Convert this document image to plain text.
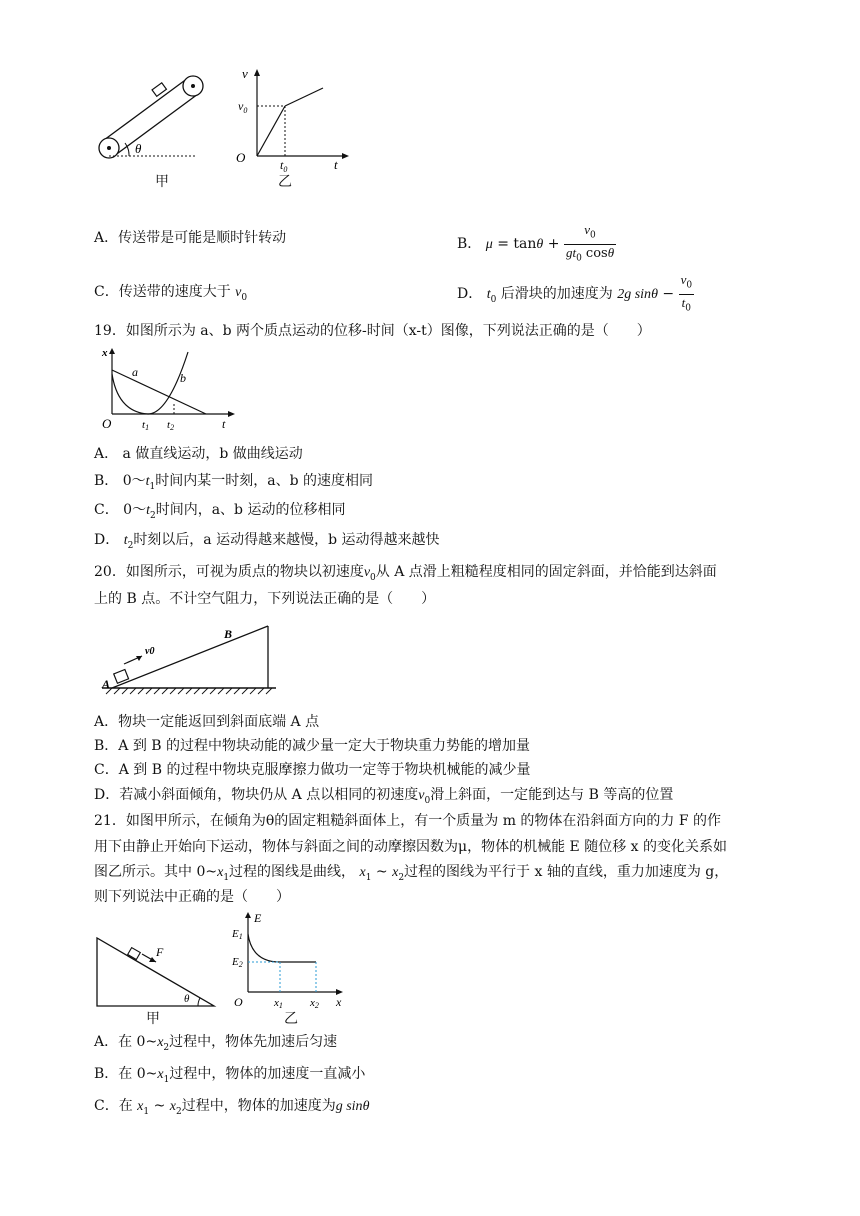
θ
甲
v
$v_0$
O	$t_0$	t
乙
A．传送带是可能是顺时针转动	B． $\mu = \tan\theta + \frac{v_0}{gt_0 \cos\theta}$
C．传送带的速度大于 $v_0$	D． $t_0$ 后滑块的加速度为 2g $\sin\theta - \frac{v_0}{t_0}$
19．如图所示为 a、b 两个质点运动的位移-时间（x-t）图像，下列说法正确的是（　　）
x
O
a	b
t1 t2	t
A． a 做直线运动，b 做曲线运动
B． $0\sim t_1$时间内某一时刻，a、b 的速度相同
C． $0\sim t_2$时间内，a、b 运动的位移相同
D． $t_2$时刻以后，a 运动得越来越慢，b 运动得越来越快
20．如图所示，可视为质点的物块以初速度$v_0$从 A 点滑上粗糙程度相同的固定斜面，并恰能到达斜面
上的 B 点。不计空气阻力，下列说法正确的是（　　）
v0
A
B
A．物块一定能返回到斜面底端 A 点
B．A 到 B 的过程中物块动能的减少量一定大于物块重力势能的增加量
C．A 到 B 的过程中物块克服摩擦力做功一定等于物块机械能的减少量
D．若减小斜面倾角，物块仍从 A 点以相同的初速度$v_0$滑上斜面，一定能到达与 B 等高的位置
21．如图甲所示，在倾角为θ的固定粗糙斜面体上，有一个质量为 m 的物体在沿斜面方向的力 F 的作
用下由静止开始向下运动，物体与斜面之间的动摩擦因数为μ，物体的机械能 E 随位移 x 的变化关系如
图乙所示。其中 $0\sim x_1$过程的图线是曲线， $x_1$ ~ $x_2$过程的图线为平行于 x 轴的直线，重力加速度为 g，
则下列说法中正确的是（　　）
F
θ
甲
E
E1
E2
O	x1 x2 x
乙
A．在 $0\sim x_2$过程中，物体先加速后匀速
B．在 $0\sim x_1$过程中，物体的加速度一直减小
C．在 $x_1$ ~ $x_2$过程中，物体的加速度为g sinθ
